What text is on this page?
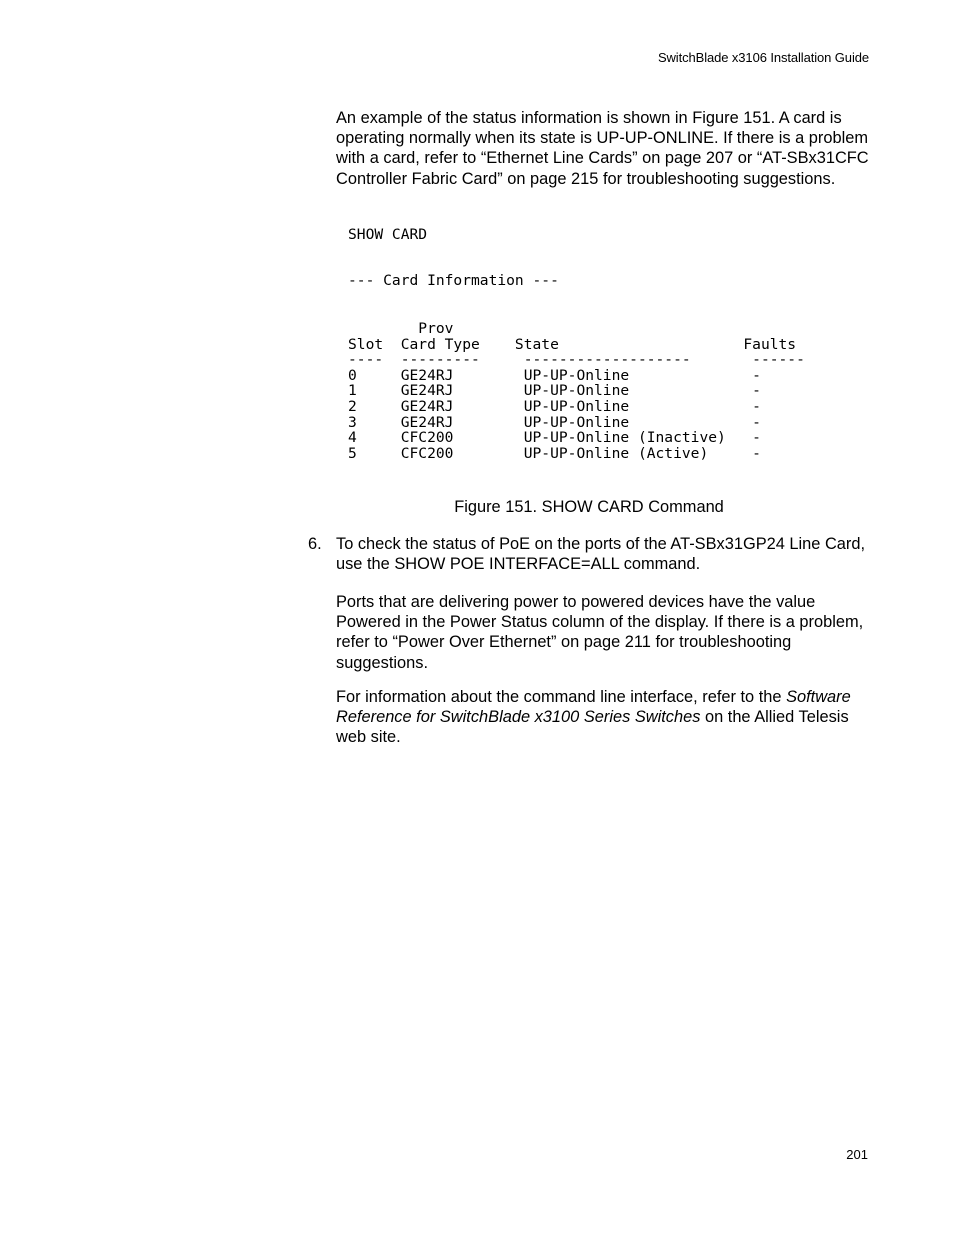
SwitchBlade x3106 Installation Guide

An example of the status information is shown in Figure 151. A card is operating normally when its state is UP-UP-ONLINE. If there is a problem with a card, refer to “Ethernet Line Cards” on page 207 or “AT-SBx31CFC Controller Fabric Card” on page 215 for troubleshooting suggestions.

SHOW CARD
--- Card Information ---
Prov
Slot  Card Type    State                     Faults
----  ---------     -------------------       ------
0     GE24RJ        UP-UP-Online              -
1     GE24RJ        UP-UP-Online              -
2     GE24RJ        UP-UP-Online              -
3     GE24RJ        UP-UP-Online              -
4     CFC200        UP-UP-Online (Inactive)   -
5     CFC200        UP-UP-Online (Active)     -

Figure 151. SHOW CARD Command

6. To check the status of PoE on the ports of the AT-SBx31GP24 Line Card, use the SHOW POE INTERFACE=ALL command.

Ports that are delivering power to powered devices have the value Powered in the Power Status column of the display. If there is a problem, refer to “Power Over Ethernet” on page 211 for troubleshooting suggestions.

For information about the command line interface, refer to the Software Reference for SwitchBlade x3100 Series Switches on the Allied Telesis web site.

201
